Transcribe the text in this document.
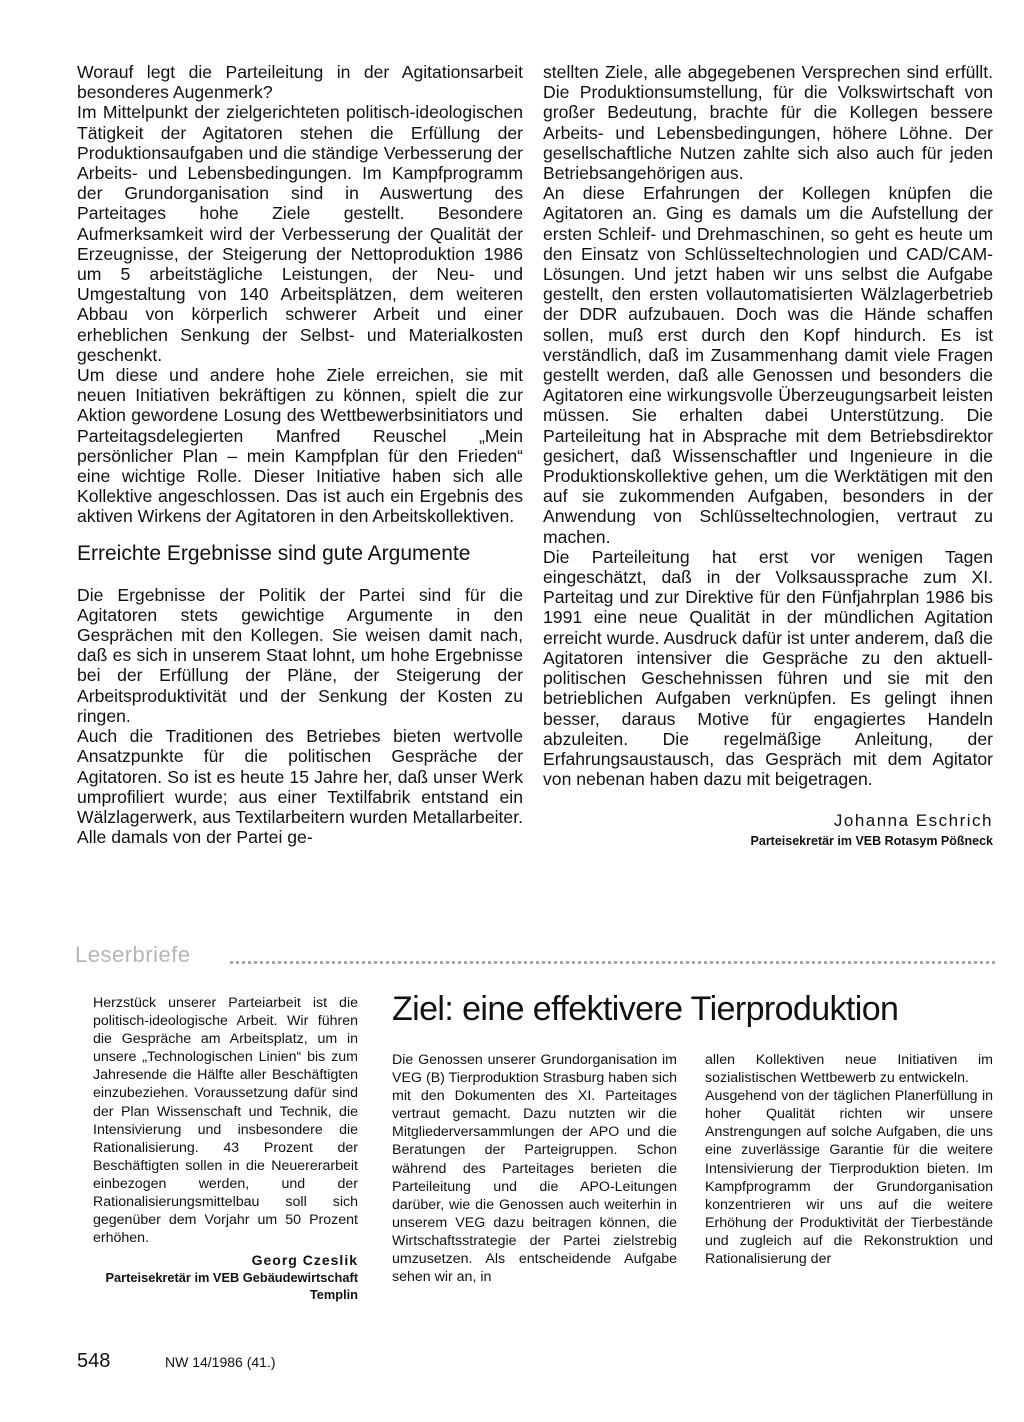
Worauf legt die Parteileitung in der Agitationsarbeit besonderes Augenmerk?

Im Mittelpunkt der zielgerichteten politisch-ideologischen Tätigkeit der Agitatoren stehen die Erfüllung der Produktionsaufgaben und die ständige Verbesserung der Arbeits- und Lebensbedingungen. Im Kampfprogramm der Grundorganisation sind in Auswertung des Parteitages hohe Ziele gestellt. Besondere Aufmerksamkeit wird der Verbesserung der Qualität der Erzeugnisse, der Steigerung der Nettoproduktion 1986 um 5 arbeitstägliche Leistungen, der Neu- und Umgestaltung von 140 Arbeitsplätzen, dem weiteren Abbau von körperlich schwerer Arbeit und einer erheblichen Senkung der Selbst- und Materialkosten geschenkt.

Um diese und andere hohe Ziele erreichen, sie mit neuen Initiativen bekräftigen zu können, spielt die zur Aktion gewordene Losung des Wettbewerbsinitiators und Parteitagsdelegierten Manfred Reuschel „Mein persönlicher Plan – mein Kampfplan für den Frieden“ eine wichtige Rolle. Dieser Initiative haben sich alle Kollektive angeschlossen. Das ist auch ein Ergebnis des aktiven Wirkens der Agitatoren in den Arbeitskollektiven.

Erreichte Ergebnisse sind gute Argumente

Die Ergebnisse der Politik der Partei sind für die Agitatoren stets gewichtige Argumente in den Gesprächen mit den Kollegen. Sie weisen damit nach, daß es sich in unserem Staat lohnt, um hohe Ergebnisse bei der Erfüllung der Pläne, der Steigerung der Arbeitsproduktivität und der Senkung der Kosten zu ringen.

Auch die Traditionen des Betriebes bieten wertvolle Ansatzpunkte für die politischen Gespräche der Agitatoren. So ist es heute 15 Jahre her, daß unser Werk umprofiliert wurde; aus einer Textilfabrik entstand ein Wälzlagerwerk, aus Textilarbeitern wurden Metallarbeiter. Alle damals von der Partei ge-

stellten Ziele, alle abgegebenen Versprechen sind erfüllt. Die Produktionsumstellung, für die Volkswirtschaft von großer Bedeutung, brachte für die Kollegen bessere Arbeits- und Lebensbedingungen, höhere Löhne. Der gesellschaftliche Nutzen zahlte sich also auch für jeden Betriebsangehörigen aus.

An diese Erfahrungen der Kollegen knüpfen die Agitatoren an. Ging es damals um die Aufstellung der ersten Schleif- und Drehmaschinen, so geht es heute um den Einsatz von Schlüsseltechnologien und CAD/CAM-Lösungen. Und jetzt haben wir uns selbst die Aufgabe gestellt, den ersten vollautomatisierten Wälzlagerbetrieb der DDR aufzubauen. Doch was die Hände schaffen sollen, muß erst durch den Kopf hindurch. Es ist verständlich, daß im Zusammenhang damit viele Fragen gestellt werden, daß alle Genossen und besonders die Agitatoren eine wirkungsvolle Überzeugungsarbeit leisten müssen. Sie erhalten dabei Unterstützung. Die Parteileitung hat in Absprache mit dem Betriebsdirektor gesichert, daß Wissenschaftler und Ingenieure in die Produktionskollektive gehen, um die Werktätigen mit den auf sie zukommenden Aufgaben, besonders in der Anwendung von Schlüsseltechnologien, vertraut zu machen.

Die Parteileitung hat erst vor wenigen Tagen eingeschätzt, daß in der Volksaussprache zum XI. Parteitag und zur Direktive für den Fünfjahrplan 1986 bis 1991 eine neue Qualität in der mündlichen Agitation erreicht wurde. Ausdruck dafür ist unter anderem, daß die Agitatoren intensiver die Gespräche zu den aktuell-politischen Geschehnissen führen und sie mit den betrieblichen Aufgaben verknüpfen. Es gelingt ihnen besser, daraus Motive für engagiertes Handeln abzuleiten. Die regelmäßige Anleitung, der Erfahrungsaustausch, das Gespräch mit dem Agitator von nebenan haben dazu mit beigetragen.

Johanna Eschrich
Parteisekretär im VEB Rotasym Pößneck
Leserbriefe

Herzstück unserer Parteiarbeit ist die politisch-ideologische Arbeit. Wir führen die Gespräche am Arbeitsplatz, um in unsere „Technologischen Linien“ bis zum Jahresende die Hälfte aller Beschäftigten einzubeziehen. Voraussetzung dafür sind der Plan Wissenschaft und Technik, die Intensivierung und insbesondere die Rationalisierung. 43 Prozent der Beschäftigten sollen in die Neuererarbeit einbezogen werden, und der Rationalisierungsmittelbau soll sich gegenüber dem Vorjahr um 50 Prozent erhöhen.

Georg Czeslik
Parteisekretär im VEB Gebäudewirtschaft Templin
Ziel: eine effektivere Tierproduktion

Die Genossen unserer Grundorganisation im VEG (B) Tierproduktion Strasburg haben sich mit den Dokumenten des XI. Parteitages vertraut gemacht. Dazu nutzten wir die Mitgliederversammlungen der APO und die Beratungen der Parteigruppen. Schon während des Parteitages berieten die Parteileitung und die APO-Leitungen darüber, wie die Genossen auch weiterhin in unserem VEG dazu beitragen können, die Wirtschaftsstrategie der Partei zielstrebig umzusetzen. Als entscheidende Aufgabe sehen wir an, in

allen Kollektiven neue Initiativen im sozialistischen Wettbewerb zu entwickeln.

Ausgehend von der täglichen Planerfüllung in hoher Qualität richten wir unsere Anstrengungen auf solche Aufgaben, die uns eine zuverlässige Garantie für die weitere Intensivierung der Tierproduktion bieten. Im Kampfprogramm der Grundorganisation konzentrieren wir uns auf die weitere Erhöhung der Produktivität der Tierbestände und zugleich auf die Rekonstruktion und Rationalisierung der

548	NW 14/1986 (41.)
